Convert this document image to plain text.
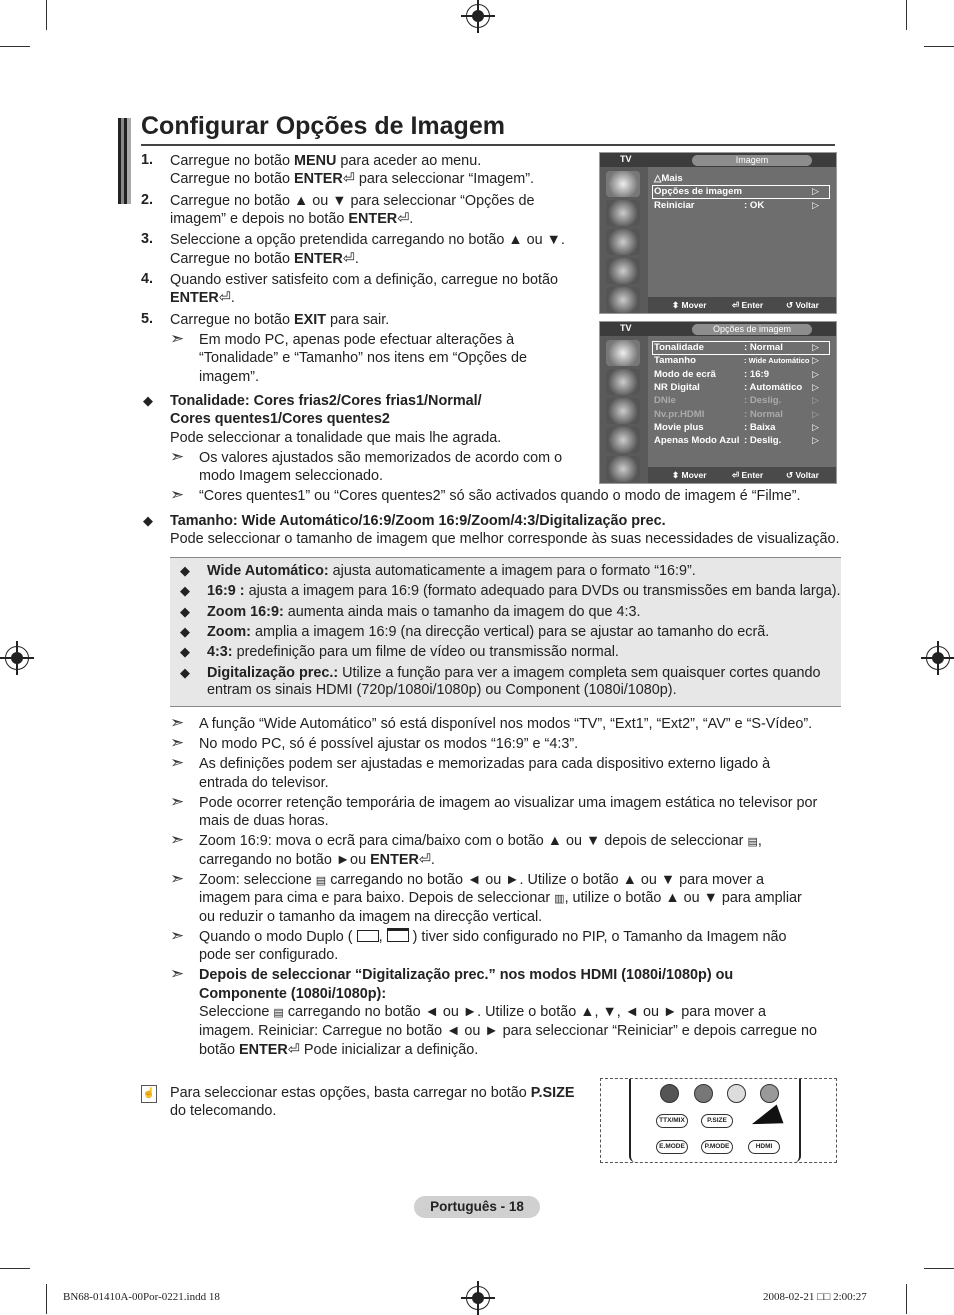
Configurar Opções de Imagem
1. Carregue no botão MENU para aceder ao menu.
Carregue no botão ENTER⏎ para seleccionar “Imagem”.
2. Carregue no botão ▲ ou ▼ para seleccionar “Opções de
imagem” e depois no botão ENTER⏎.
3. Seleccione a opção pretendida carregando no botão ▲ ou ▼.
Carregue no botão ENTER⏎.
4. Quando estiver satisfeito com a definição, carregue no botão
ENTER⏎.
5. Carregue no botão EXIT para sair.
➣ Em modo PC, apenas pode efectuar alterações à
“Tonalidade” e “Tamanho” nos itens em “Opções de
imagem”.
◆ Tonalidade: Cores frias2/Cores frias1/Normal/
Cores quentes1/Cores quentes2
Pode seleccionar a tonalidade que mais lhe agrada.
➣ Os valores ajustados são memorizados de acordo com o
modo Imagem seleccionado.
➣ “Cores quentes1” ou “Cores quentes2” só são activados quando o modo de imagem é “Filme”.
◆ Tamanho: Wide Automático/16:9/Zoom 16:9/Zoom/4:3/Digitalização prec.
Pode seleccionar o tamanho de imagem que melhor corresponde às suas necessidades de visualização.
◆ Wide Automático: ajusta automaticamente a imagem para o formato “16:9”.
◆ 16:9 : ajusta a imagem para 16:9 (formato adequado para DVDs ou transmissões em banda larga).
◆ Zoom 16:9: aumenta ainda mais o tamanho da imagem do que 4:3.
◆ Zoom: amplia a imagem 16:9 (na direcção vertical) para se ajustar ao tamanho do ecrã.
◆ 4:3: predefinição para um filme de vídeo ou transmissão normal.
◆ Digitalização prec.: Utilize a função para ver a imagem completa sem quaisquer cortes quando
entram os sinais HDMI (720p/1080i/1080p) ou Component (1080i/1080p).
➣ A função “Wide Automático” só está disponível nos modos “TV”, “Ext1”, “Ext2”, “AV” e “S-Vídeo”.
➣ No modo PC, só é possível ajustar os modos “16:9” e “4:3”.
➣ As definições podem ser ajustadas e memorizadas para cada dispositivo externo ligado à
entrada do televisor.
➣ Pode ocorrer retenção temporária de imagem ao visualizar uma imagem estática no televisor por
mais de duas horas.
➣ Zoom 16:9: mova o ecrã para cima/baixo com o botão ▲ ou ▼ depois de seleccionar ▤,
carregando no botão ►ou ENTER⏎.
➣ Zoom: seleccione ▤ carregando no botão ◄ ou ►. Utilize o botão ▲ ou ▼ para mover a
imagem para cima e para baixo. Depois de seleccionar ▥, utilize o botão ▲ ou ▼ para ampliar
ou reduzir o tamanho da imagem na direcção vertical.
➣ Quando o modo Duplo ( ,  ) tiver sido configurado no PIP, o Tamanho da Imagem não
pode ser configurado.
➣ Depois de seleccionar “Digitalização prec.” nos modos HDMI (1080i/1080p) ou
Componente (1080i/1080p):
Seleccione ▤ carregando no botão ◄ ou ►. Utilize o botão ▲, ▼, ◄ ou ► para mover a
imagem. Reiniciar: Carregue no botão ◄ ou ► para seleccionar “Reiniciar” e depois carregue no
botão ENTER⏎ Pode inicializar a definição.
☝ Para seleccionar estas opções, basta carregar no botão P.SIZE
do telecomando.
TV	Imagem
△Mais
Opções de imagem	▷
Reiniciar	: OK	▷
⬍ Mover	⏎ Enter	↺ Voltar
TV	Opções de imagem
Tonalidade	: Normal	▷
Tamanho	: Wide Automático ▷
Modo de ecrã	: 16:9	▷
NR Digital	: Automático ▷
DNIe	: Deslig.	▷
Nv.pr.HDMI	: Normal	▷
Movie plus	: Baixa	▷
Apenas Modo Azul : Deslig.	▷
⬍ Mover	⏎ Enter	↺ Voltar
TTX/MIX	P.SIZE
E.MODE	P.MODE	HDMI
Português - 18
BN68-01410A-00Por-0221.indd 18	2008-02-21 □□ 2:00:27
